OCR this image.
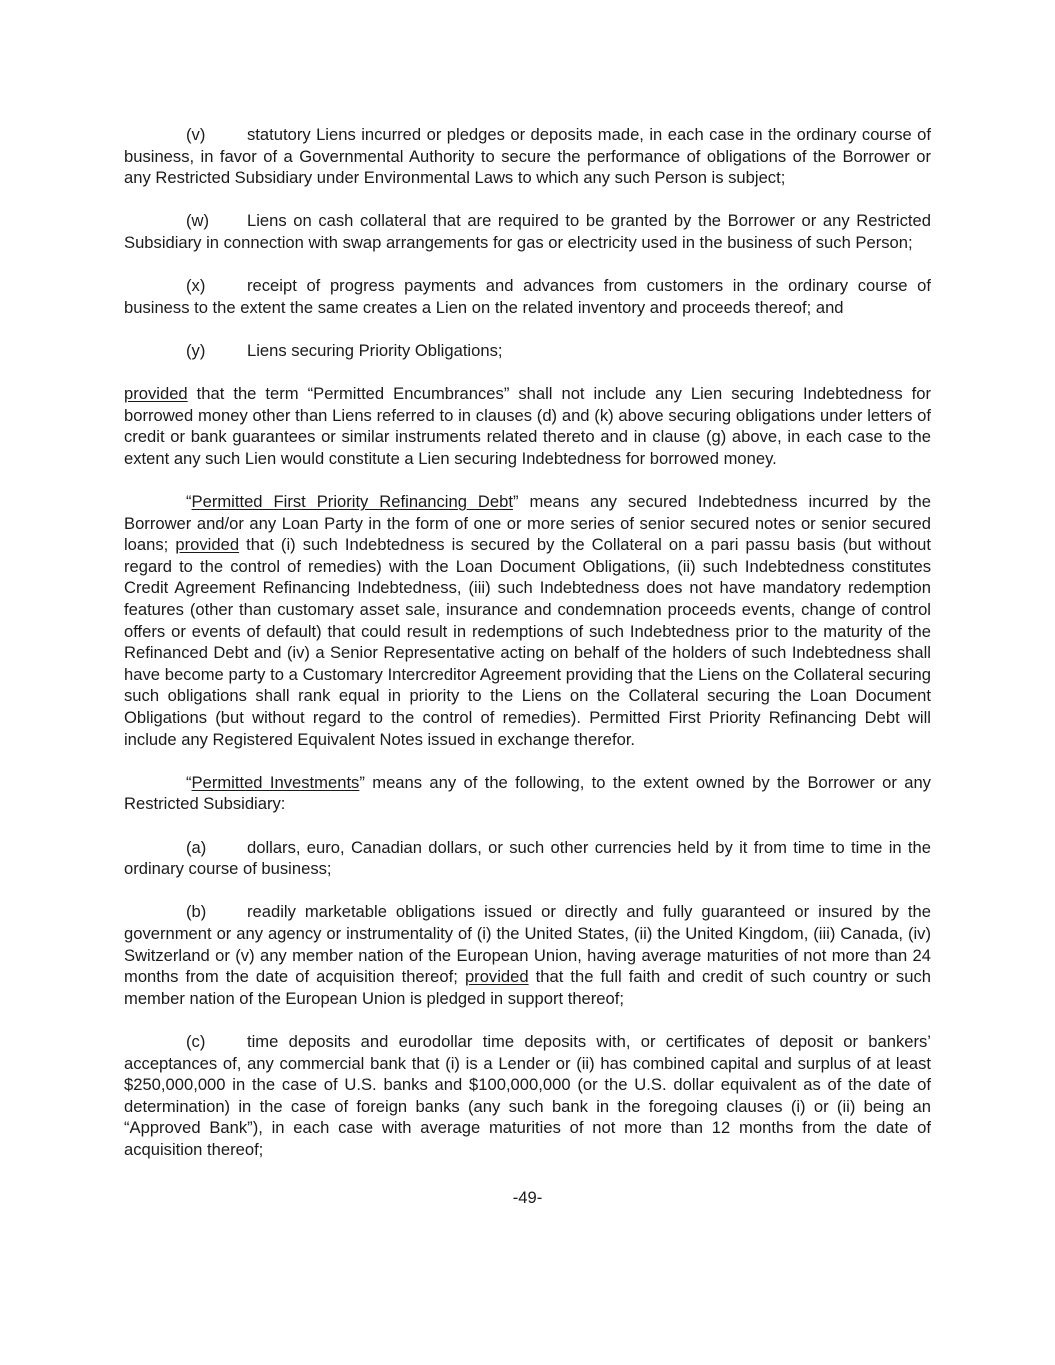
(v)	statutory Liens incurred or pledges or deposits made, in each case in the ordinary course of business, in favor of a Governmental Authority to secure the performance of obligations of the Borrower or any Restricted Subsidiary under Environmental Laws to which any such Person is subject;

(w) Liens on cash collateral that are required to be granted by the Borrower or any Restricted Subsidiary in connection with swap arrangements for gas or electricity used in the business of such Person;

(x)	receipt of progress payments and advances from customers in the ordinary course of business to the extent the same creates a Lien on the related inventory and proceeds thereof; and

(y)	Liens securing Priority Obligations;

provided that the term “Permitted Encumbrances” shall not include any Lien securing Indebtedness for borrowed money other than Liens referred to in clauses (d) and (k) above securing obligations under letters of credit or bank guarantees or similar instruments related thereto and in clause (g) above, in each case to the extent any such Lien would constitute a Lien securing Indebtedness for borrowed money.

“Permitted First Priority Refinancing Debt” means any secured Indebtedness incurred by the Borrower and/or any Loan Party in the form of one or more series of senior secured notes or senior secured loans; provided that (i) such Indebtedness is secured by the Collateral on a pari passu basis (but without regard to the control of remedies) with the Loan Document Obligations, (ii) such Indebtedness constitutes Credit Agreement Refinancing Indebtedness, (iii) such Indebtedness does not have mandatory redemption features (other than customary asset sale, insurance and condemnation proceeds events, change of control offers or events of default) that could result in redemptions of such Indebtedness prior to the maturity of the Refinanced Debt and (iv) a Senior Representative acting on behalf of the holders of such Indebtedness shall have become party to a Customary Intercreditor Agreement providing that the Liens on the Collateral securing such obligations shall rank equal in priority to the Liens on the Collateral securing the Loan Document Obligations (but without regard to the control of remedies). Permitted First Priority Refinancing Debt will include any Registered Equivalent Notes issued in exchange therefor.

“Permitted Investments” means any of the following, to the extent owned by the Borrower or any Restricted Subsidiary:

(a) dollars, euro, Canadian dollars, or such other currencies held by it from time to time in the ordinary course of business;

(b) readily marketable obligations issued or directly and fully guaranteed or insured by the government or any agency or instrumentality of (i) the United States, (ii) the United Kingdom, (iii) Canada, (iv) Switzerland or (v) any member nation of the European Union, having average maturities of not more than 24 months from the date of acquisition thereof; provided that the full faith and credit of such country or such member nation of the European Union is pledged in support thereof;

(c)	time deposits and eurodollar time deposits with, or certificates of deposit or bankers’ acceptances of, any commercial bank that (i) is a Lender or (ii) has combined capital and surplus of at least $250,000,000 in the case of U.S. banks and $100,000,000 (or the U.S. dollar equivalent as of the date of determination) in the case of foreign banks (any such bank in the foregoing clauses (i) or (ii) being an “Approved Bank”), in each case with average maturities of not more than 12 months from the date of acquisition thereof;

-49-
